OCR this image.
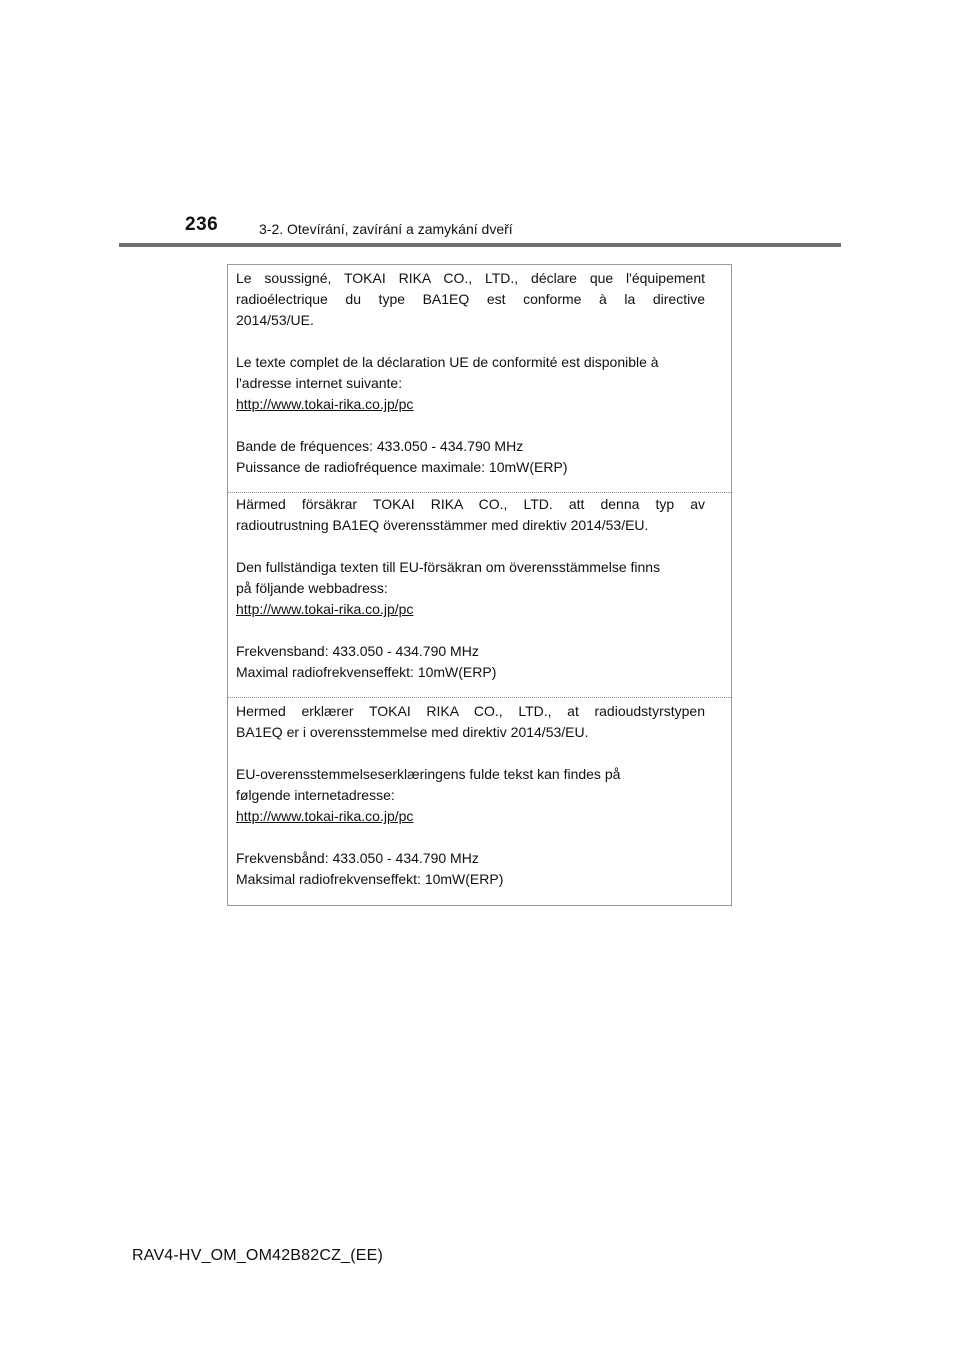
236	3-2. Otevírání, zavírání a zamykání dveří

Le soussigné, TOKAI RIKA CO., LTD., déclare que l'équipement
radioélectrique du type BA1EQ est conforme à la directive
2014/53/UE.

Le texte complet de la déclaration UE de conformité est disponible à
l'adresse internet suivante:
http://www.tokai-rika.co.jp/pc

Bande de fréquences: 433.050 - 434.790 MHz
Puissance de radiofréquence maximale: 10mW(ERP)

Härmed försäkrar TOKAI RIKA CO., LTD. att denna typ av
radioutrustning BA1EQ överensstämmer med direktiv 2014/53/EU.

Den fullständiga texten till EU-försäkran om överensstämmelse finns
på följande webbadress:
http://www.tokai-rika.co.jp/pc

Frekvensband: 433.050 - 434.790 MHz
Maximal radiofrekvenseffekt: 10mW(ERP)

Hermed erklærer TOKAI RIKA CO., LTD., at radioudstyrstypen
BA1EQ er i overensstemmelse med direktiv 2014/53/EU.

EU-overensstemmelseserklæringens fulde tekst kan findes på
følgende internetadresse:
http://www.tokai-rika.co.jp/pc

Frekvensbånd: 433.050 - 434.790 MHz
Maksimal radiofrekvenseffekt: 10mW(ERP)

RAV4-HV_OM_OM42B82CZ_(EE)
